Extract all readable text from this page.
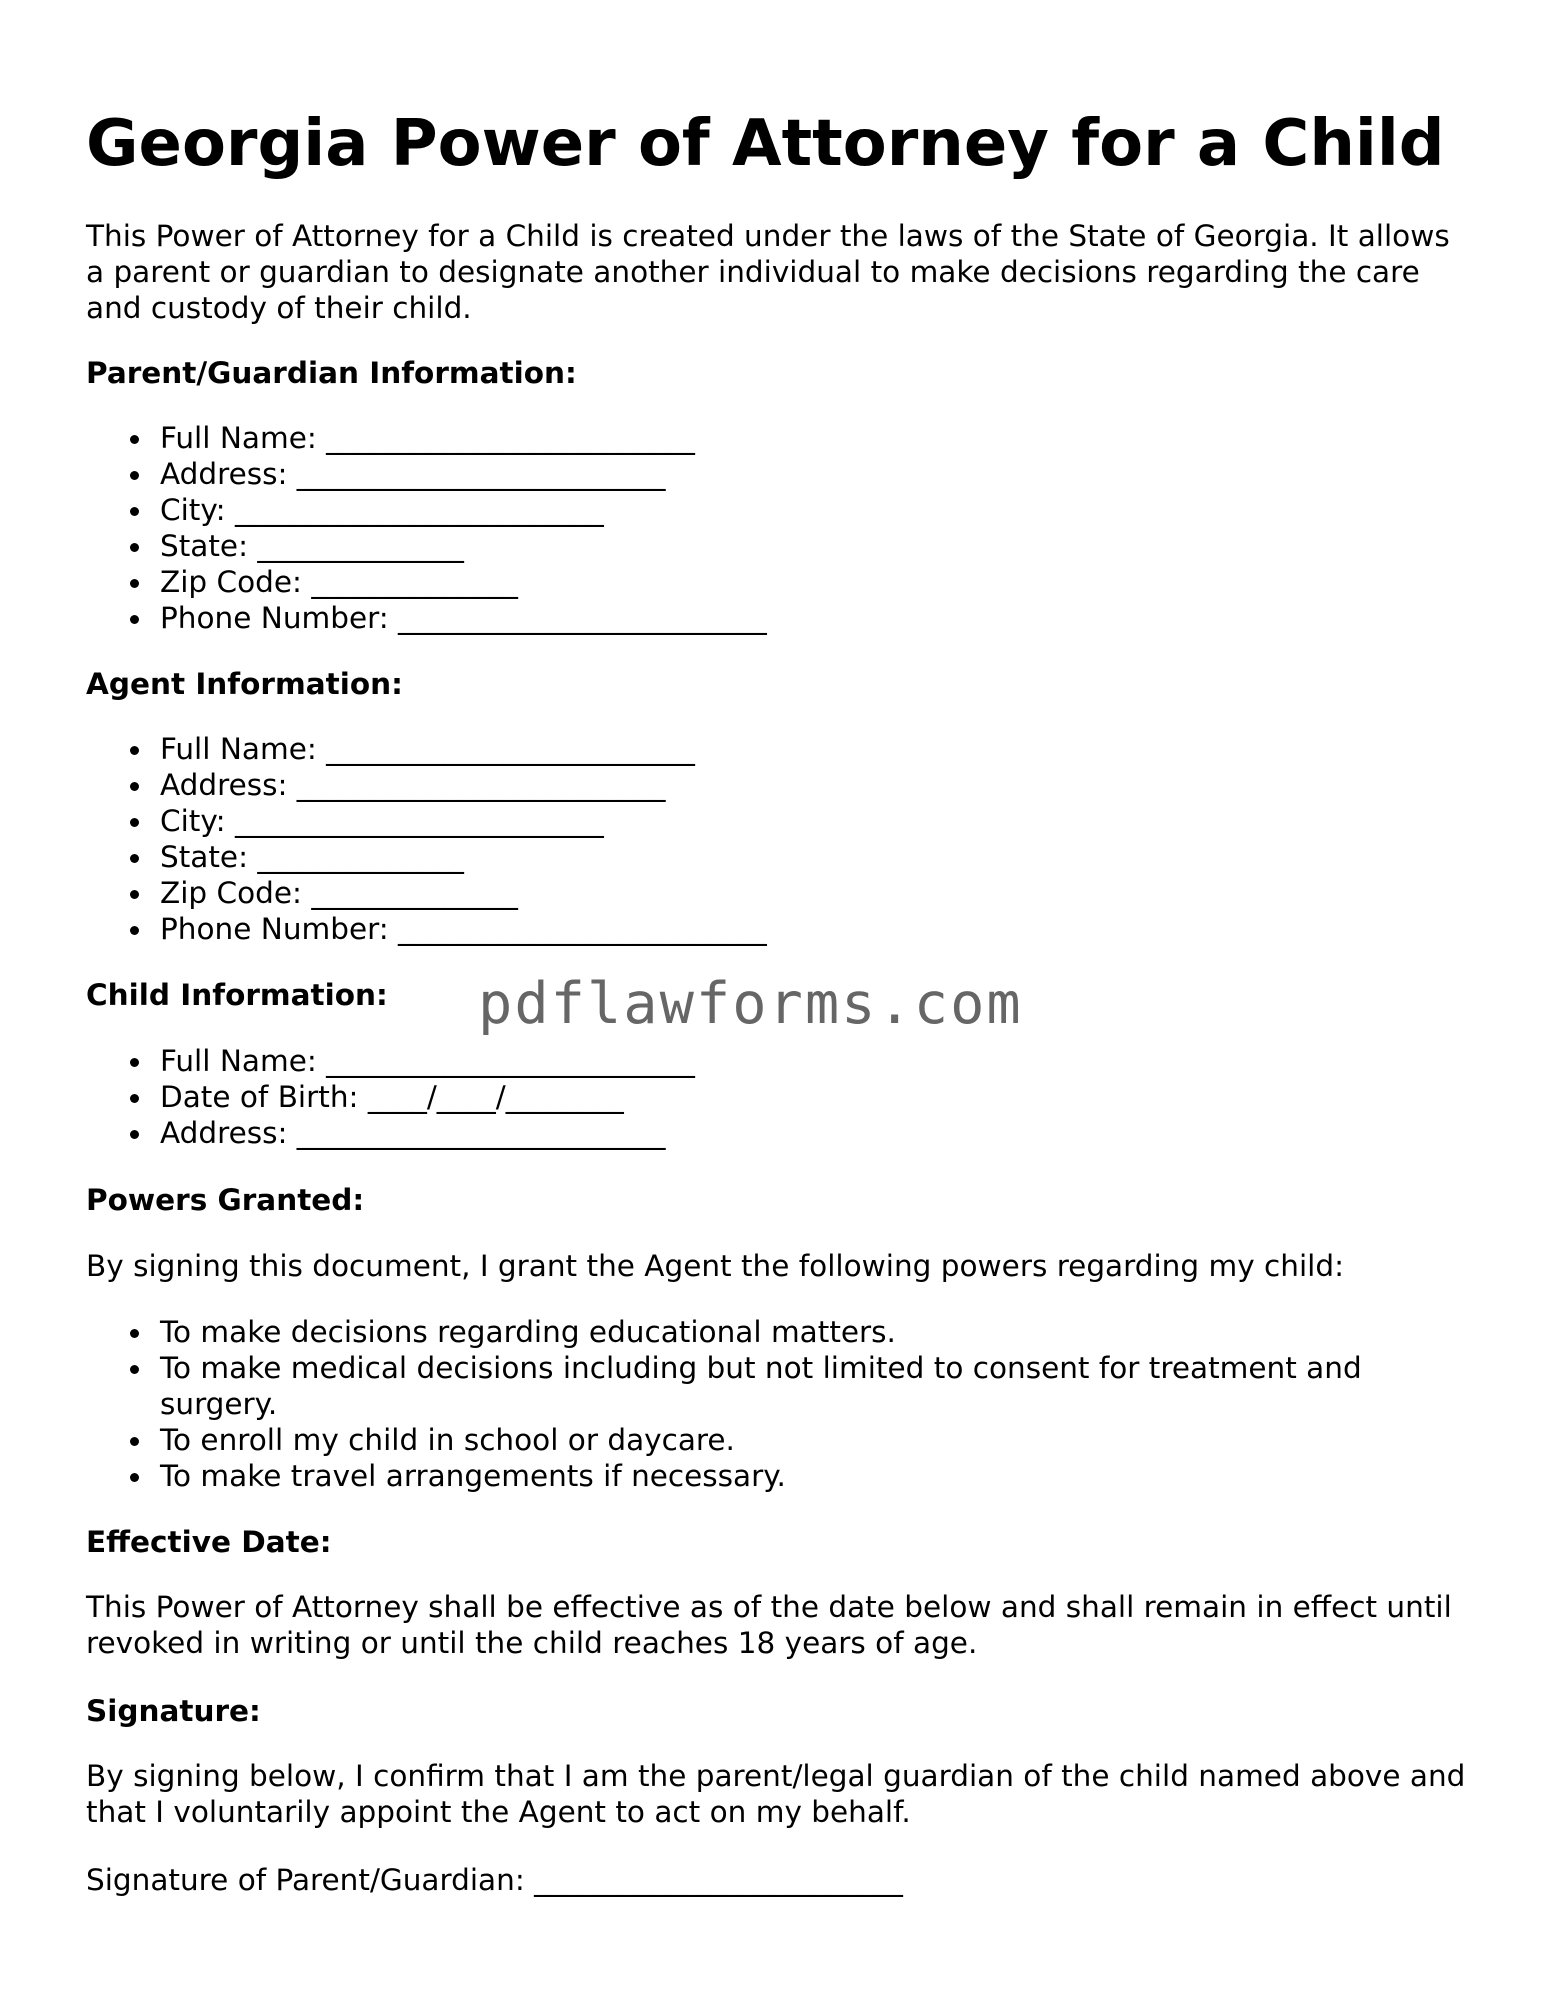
Georgia Power of Attorney for a Child

This Power of Attorney for a Child is created under the laws of the State of Georgia. It allows a parent or guardian to designate another individual to make decisions regarding the care and custody of their child.

Parent/Guardian Information:
Full Name: _________________________
Address: _________________________
City: _________________________
State: ______________
Zip Code: ______________
Phone Number: _________________________
Agent Information:
Full Name: _________________________
Address: _________________________
City: _________________________
State: ______________
Zip Code: ______________
Phone Number: _________________________
Child Information:
Full Name: _________________________
Date of Birth: ____/____/________
Address: _________________________
Powers Granted:

By signing this document, I grant the Agent the following powers regarding my child:

To make decisions regarding educational matters.
To make medical decisions including but not limited to consent for treatment and surgery.
To enroll my child in school or daycare.
To make travel arrangements if necessary.
Effective Date:

This Power of Attorney shall be effective as of the date below and shall remain in effect until revoked in writing or until the child reaches 18 years of age.

Signature:

By signing below, I confirm that I am the parent/legal guardian of the child named above and that I voluntarily appoint the Agent to act on my behalf.

Signature of Parent/Guardian: _________________________

pdflawforms.com
